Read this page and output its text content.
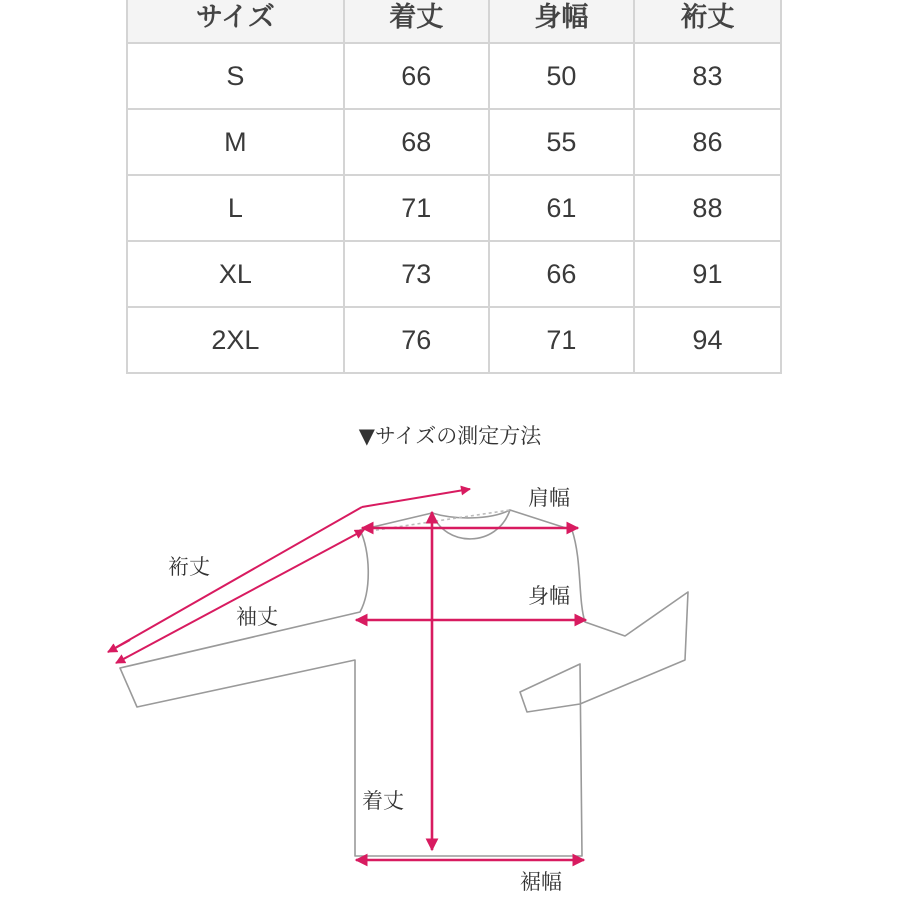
サイズ	着丈	身幅	裄丈
S	66	50	83
M	68	55	86
L	71	61	88
XL	73	66	91
2XL	76	71	94
▼サイズの測定方法
肩幅
身幅
裄丈
袖丈
着丈
裾幅
